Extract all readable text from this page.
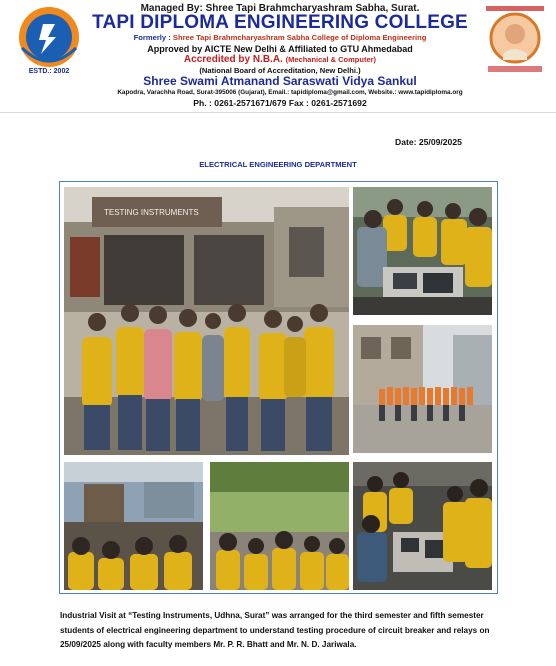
ESTD.: 2002
Managed By: Shree Tapi Brahmcharyashram Sabha, Surat.
TAPI DIPLOMA ENGINEERING COLLEGE
Formerly : Shree Tapi Brahmcharyashram Sabha College of Diploma Engineering
Approved by AICTE New Delhi & Affiliated to GTU Ahmedabad
Accredited by N.B.A. (Mechanical & Computer)
(National Board of Accreditation, New Delhi.)
Shree Swami Atmanand Saraswati Vidya Sankul
Kapodra, Varachha Road, Surat-395006 (Gujarat), Email.: tapidiploma@gmail.com, Website.: www.tapidiploma.org
Ph. : 0261-2571671/679 Fax : 0261-2571692
Date: 25/09/2025
ELECTRICAL ENGINEERING DEPARTMENT
TESTING INSTRUMENTS
Industrial Visit at “Testing Instruments, Udhna, Surat” was arranged for the third semester and fifth semester students of electrical engineering department to understand testing procedure of circuit breaker and relays on 25/09/2025 along with faculty members Mr. P. R. Bhatt and Mr. N. D. Jariwala.
